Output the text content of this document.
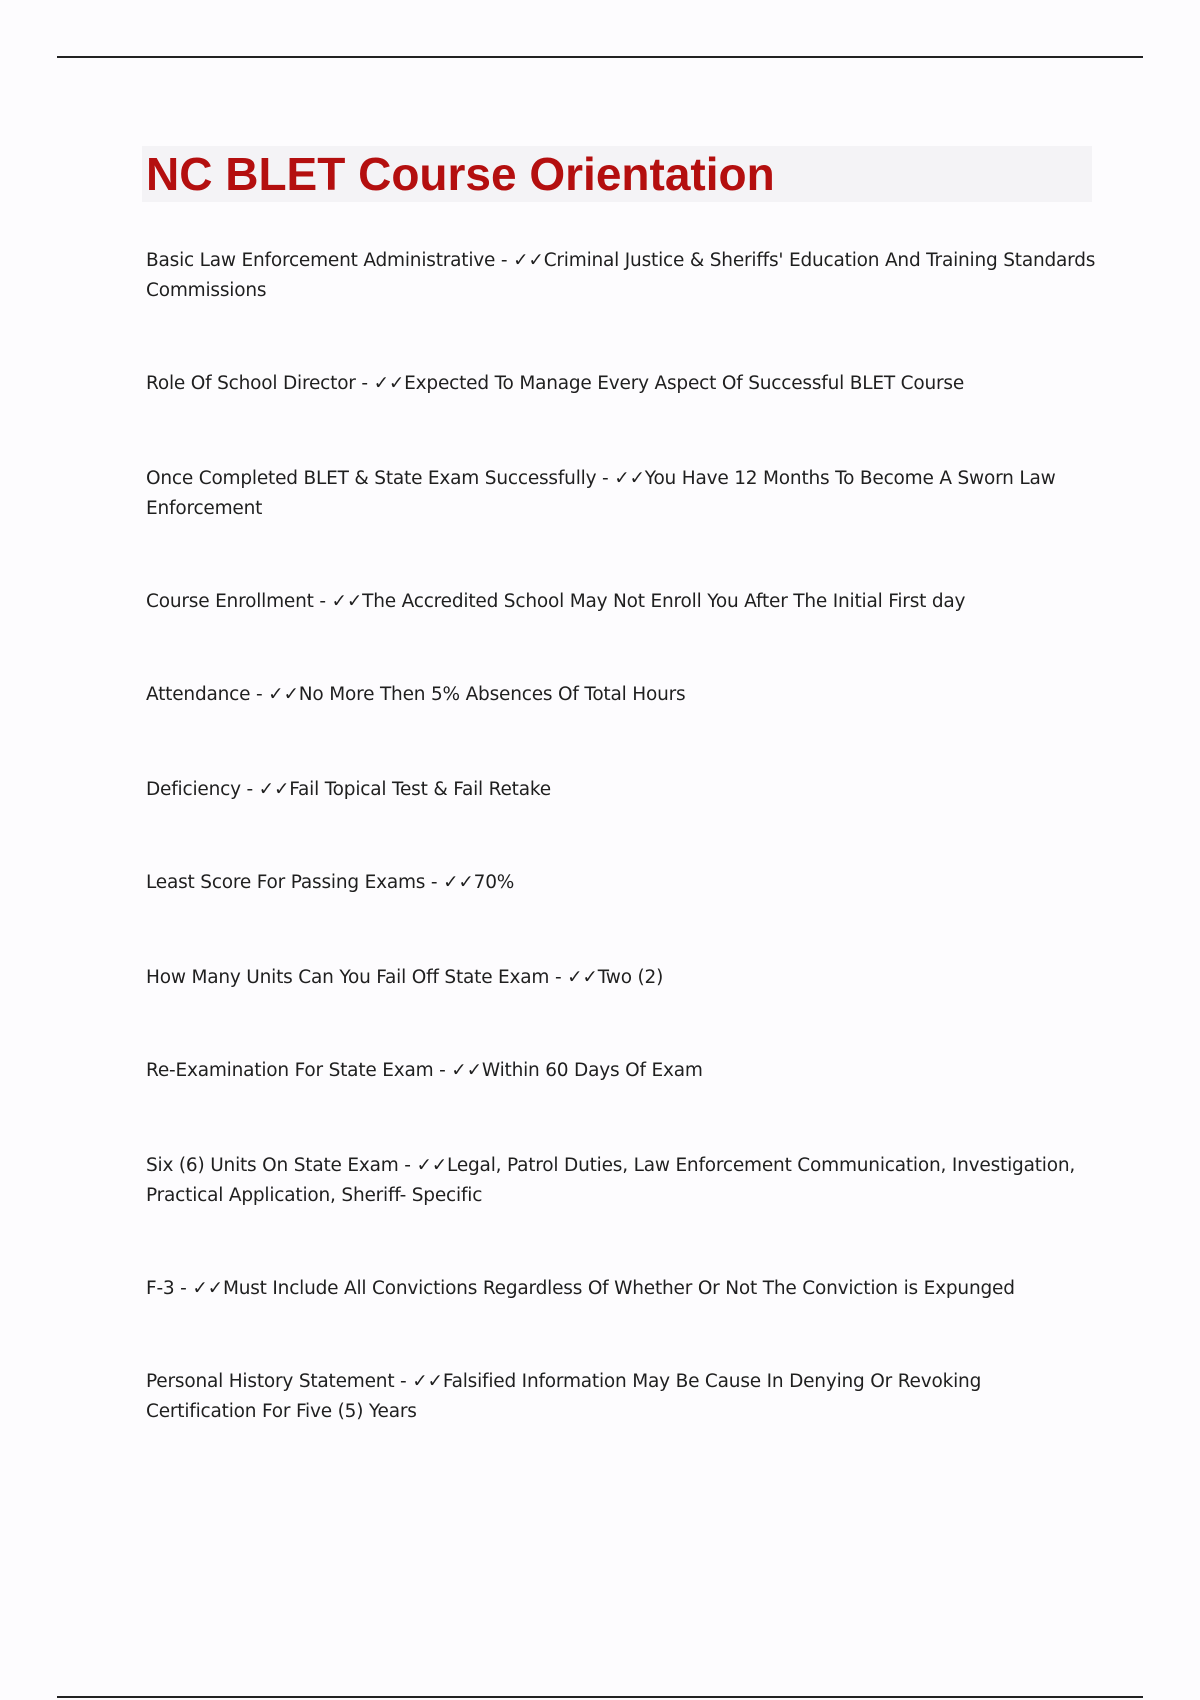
NC BLET Course Orientation

Basic Law Enforcement Administrative - ✓✓Criminal Justice & Sheriffs' Education And Training Standards Commissions

Role Of School Director - ✓✓Expected To Manage Every Aspect Of Successful BLET Course

Once Completed BLET & State Exam Successfully - ✓✓You Have 12 Months To Become A Sworn Law Enforcement

Course Enrollment - ✓✓The Accredited School May Not Enroll You After The Initial First day

Attendance - ✓✓No More Then 5% Absences Of Total Hours

Deficiency - ✓✓Fail Topical Test & Fail Retake

Least Score For Passing Exams - ✓✓70%

How Many Units Can You Fail Off State Exam - ✓✓Two (2)

Re-Examination For State Exam - ✓✓Within 60 Days Of Exam

Six (6) Units On State Exam - ✓✓Legal, Patrol Duties, Law Enforcement Communication, Investigation, Practical Application, Sheriff- Specific

F-3 - ✓✓Must Include All Convictions Regardless Of Whether Or Not The Conviction is Expunged

Personal History Statement - ✓✓Falsified Information May Be Cause In Denying Or Revoking Certification For Five (5) Years
